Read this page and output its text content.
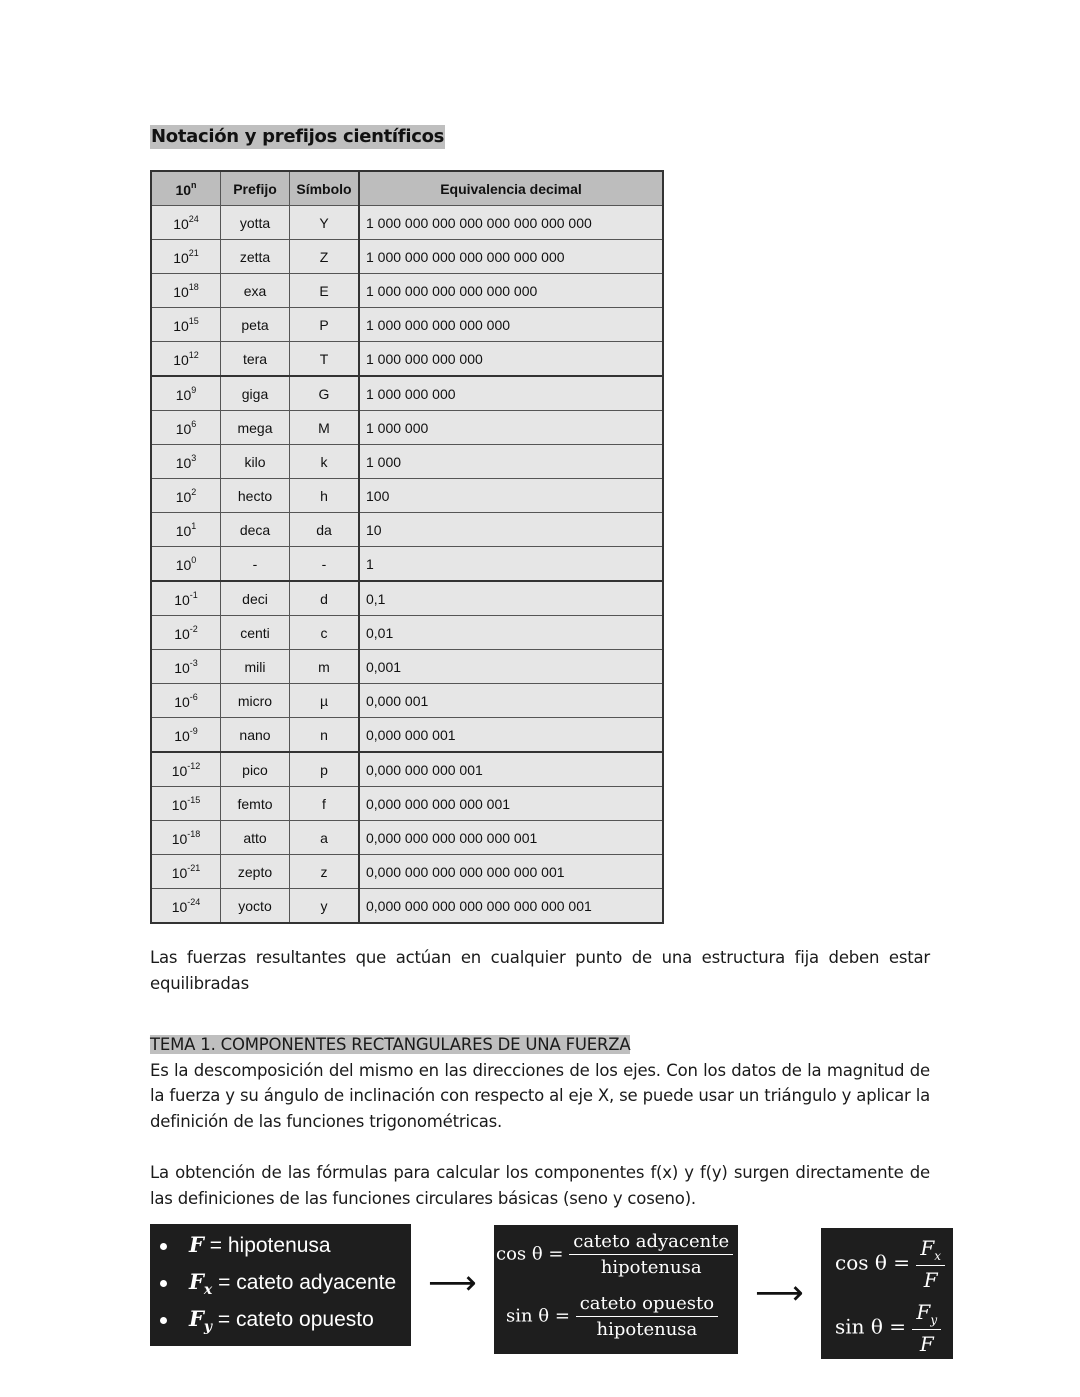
Notación y prefijos científicos
10$^n$	Prefijo	Símbolo	Equivalencia decimal
$10^{24}$	yotta	Y	1 000 000 000 000 000 000 000 000
$10^{21}$	zetta	Z	1 000 000 000 000 000 000 000
$10^{18}$	exa	E	1 000 000 000 000 000 000
$10^{15}$	peta	P	1 000 000 000 000 000
$10^{12}$	tera	T	1 000 000 000 000
$10^9$	giga	G	1 000 000 000
$10^6$	mega	M	1 000 000
$10^3$	kilo	k	1 000
$10^2$	hecto	h	100
$10^1$	deca	da	10
$10^0$	-	-	1
$10^{-1}$	deci	d	0,1
$10^{-2}$	centi	c	0,01
$10^{-3}$	mili	m	0,001
$10^{-6}$	micro	µ	0,000 001
$10^{-9}$	nano	n	0,000 000 001
$10^{-12}$	pico	p	0,000 000 000 001
$10^{-15}$	femto	f	0,000 000 000 000 001
$10^{-18}$	atto	a	0,000 000 000 000 000 001
$10^{-21}$	zepto	z	0,000 000 000 000 000 000 001
$10^{-24}$	yocto	y	0,000 000 000 000 000 000 000 001
Las fuerzas resultantes que actúan en cualquier punto de una estructura fija deben estar equilibradas
TEMA 1. COMPONENTES RECTANGULARES DE UNA FUERZA
Es la descomposición del mismo en las direcciones de los ejes. Con los datos de la magnitud de la fuerza y su ángulo de inclinación con respecto al eje X, se puede usar un triángulo y aplicar la definición de las funciones trigonométricas.
La obtención de las fórmulas para calcular los componentes f(x) y f(y) surgen directamente de las definiciones de las funciones circulares básicas (seno y coseno).
F = hipotenusa
$F_x$ = cateto adyacente
$F_y$ = cateto opuesto
⟶
$\cos \theta = \frac{\text{cateto adyacente}}{\text{hipotenusa}}$
$\sin \theta = \frac{\text{cateto opuesto}}{\text{hipotenusa}}$ ⟶
$\cos \theta = \frac{F_x}{F}$
$\sin \theta = \frac{F_y}{F}$
